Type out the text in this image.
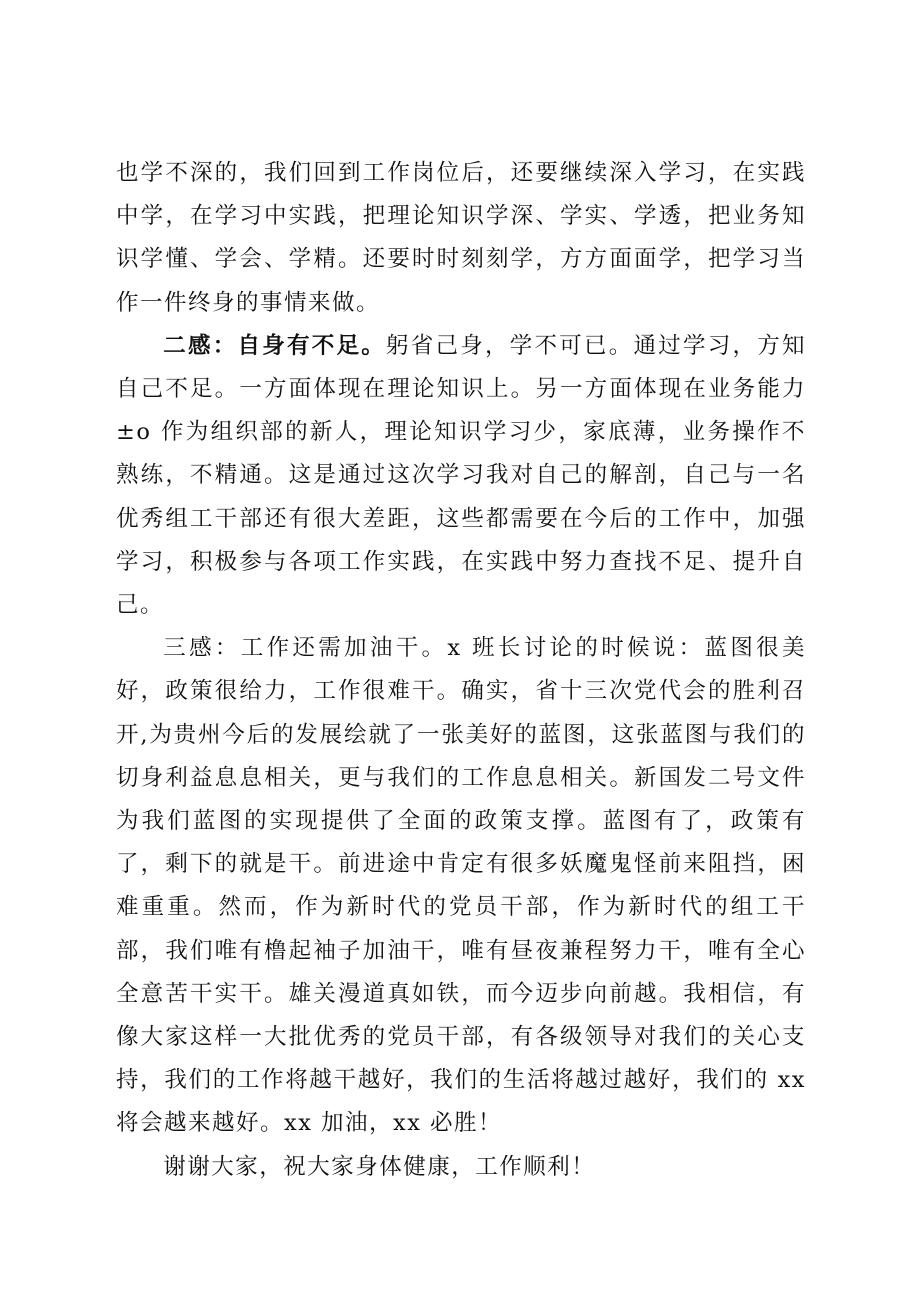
也学不深的，我们回到工作岗位后，还要继续深入学习，在实践中学，在学习中实践，把理论知识学深、学实、学透，把业务知识学懂、学会、学精。还要时时刻刻学，方方面面学，把学习当作一件终身的事情来做。

二感：自身有不足。躬省己身，学不可已。通过学习，方知自己不足。一方面体现在理论知识上。另一方面体现在业务能力±o 作为组织部的新人，理论知识学习少，家底薄，业务操作不熟练，不精通。这是通过这次学习我对自己的解剖，自己与一名优秀组工干部还有很大差距，这些都需要在今后的工作中，加强学习，积极参与各项工作实践，在实践中努力查找不足、提升自己。

三感：工作还需加油干。x 班长讨论的时候说：蓝图很美好，政策很给力，工作很难干。确实，省十三次党代会的胜利召开,为贵州今后的发展绘就了一张美好的蓝图，这张蓝图与我们的切身利益息息相关，更与我们的工作息息相关。新国发二号文件为我们蓝图的实现提供了全面的政策支撑。蓝图有了，政策有了，剩下的就是干。前进途中肯定有很多妖魔鬼怪前来阻挡，困难重重。然而，作为新时代的党员干部，作为新时代的组工干部，我们唯有橹起袖子加油干，唯有昼夜兼程努力干，唯有全心全意苦干实干。雄关漫道真如铁，而今迈步向前越。我相信，有像大家这样一大批优秀的党员干部，有各级领导对我们的关心支持，我们的工作将越干越好，我们的生活将越过越好，我们的 xx 将会越来越好。xx 加油，xx 必胜！

谢谢大家，祝大家身体健康，工作顺利！
